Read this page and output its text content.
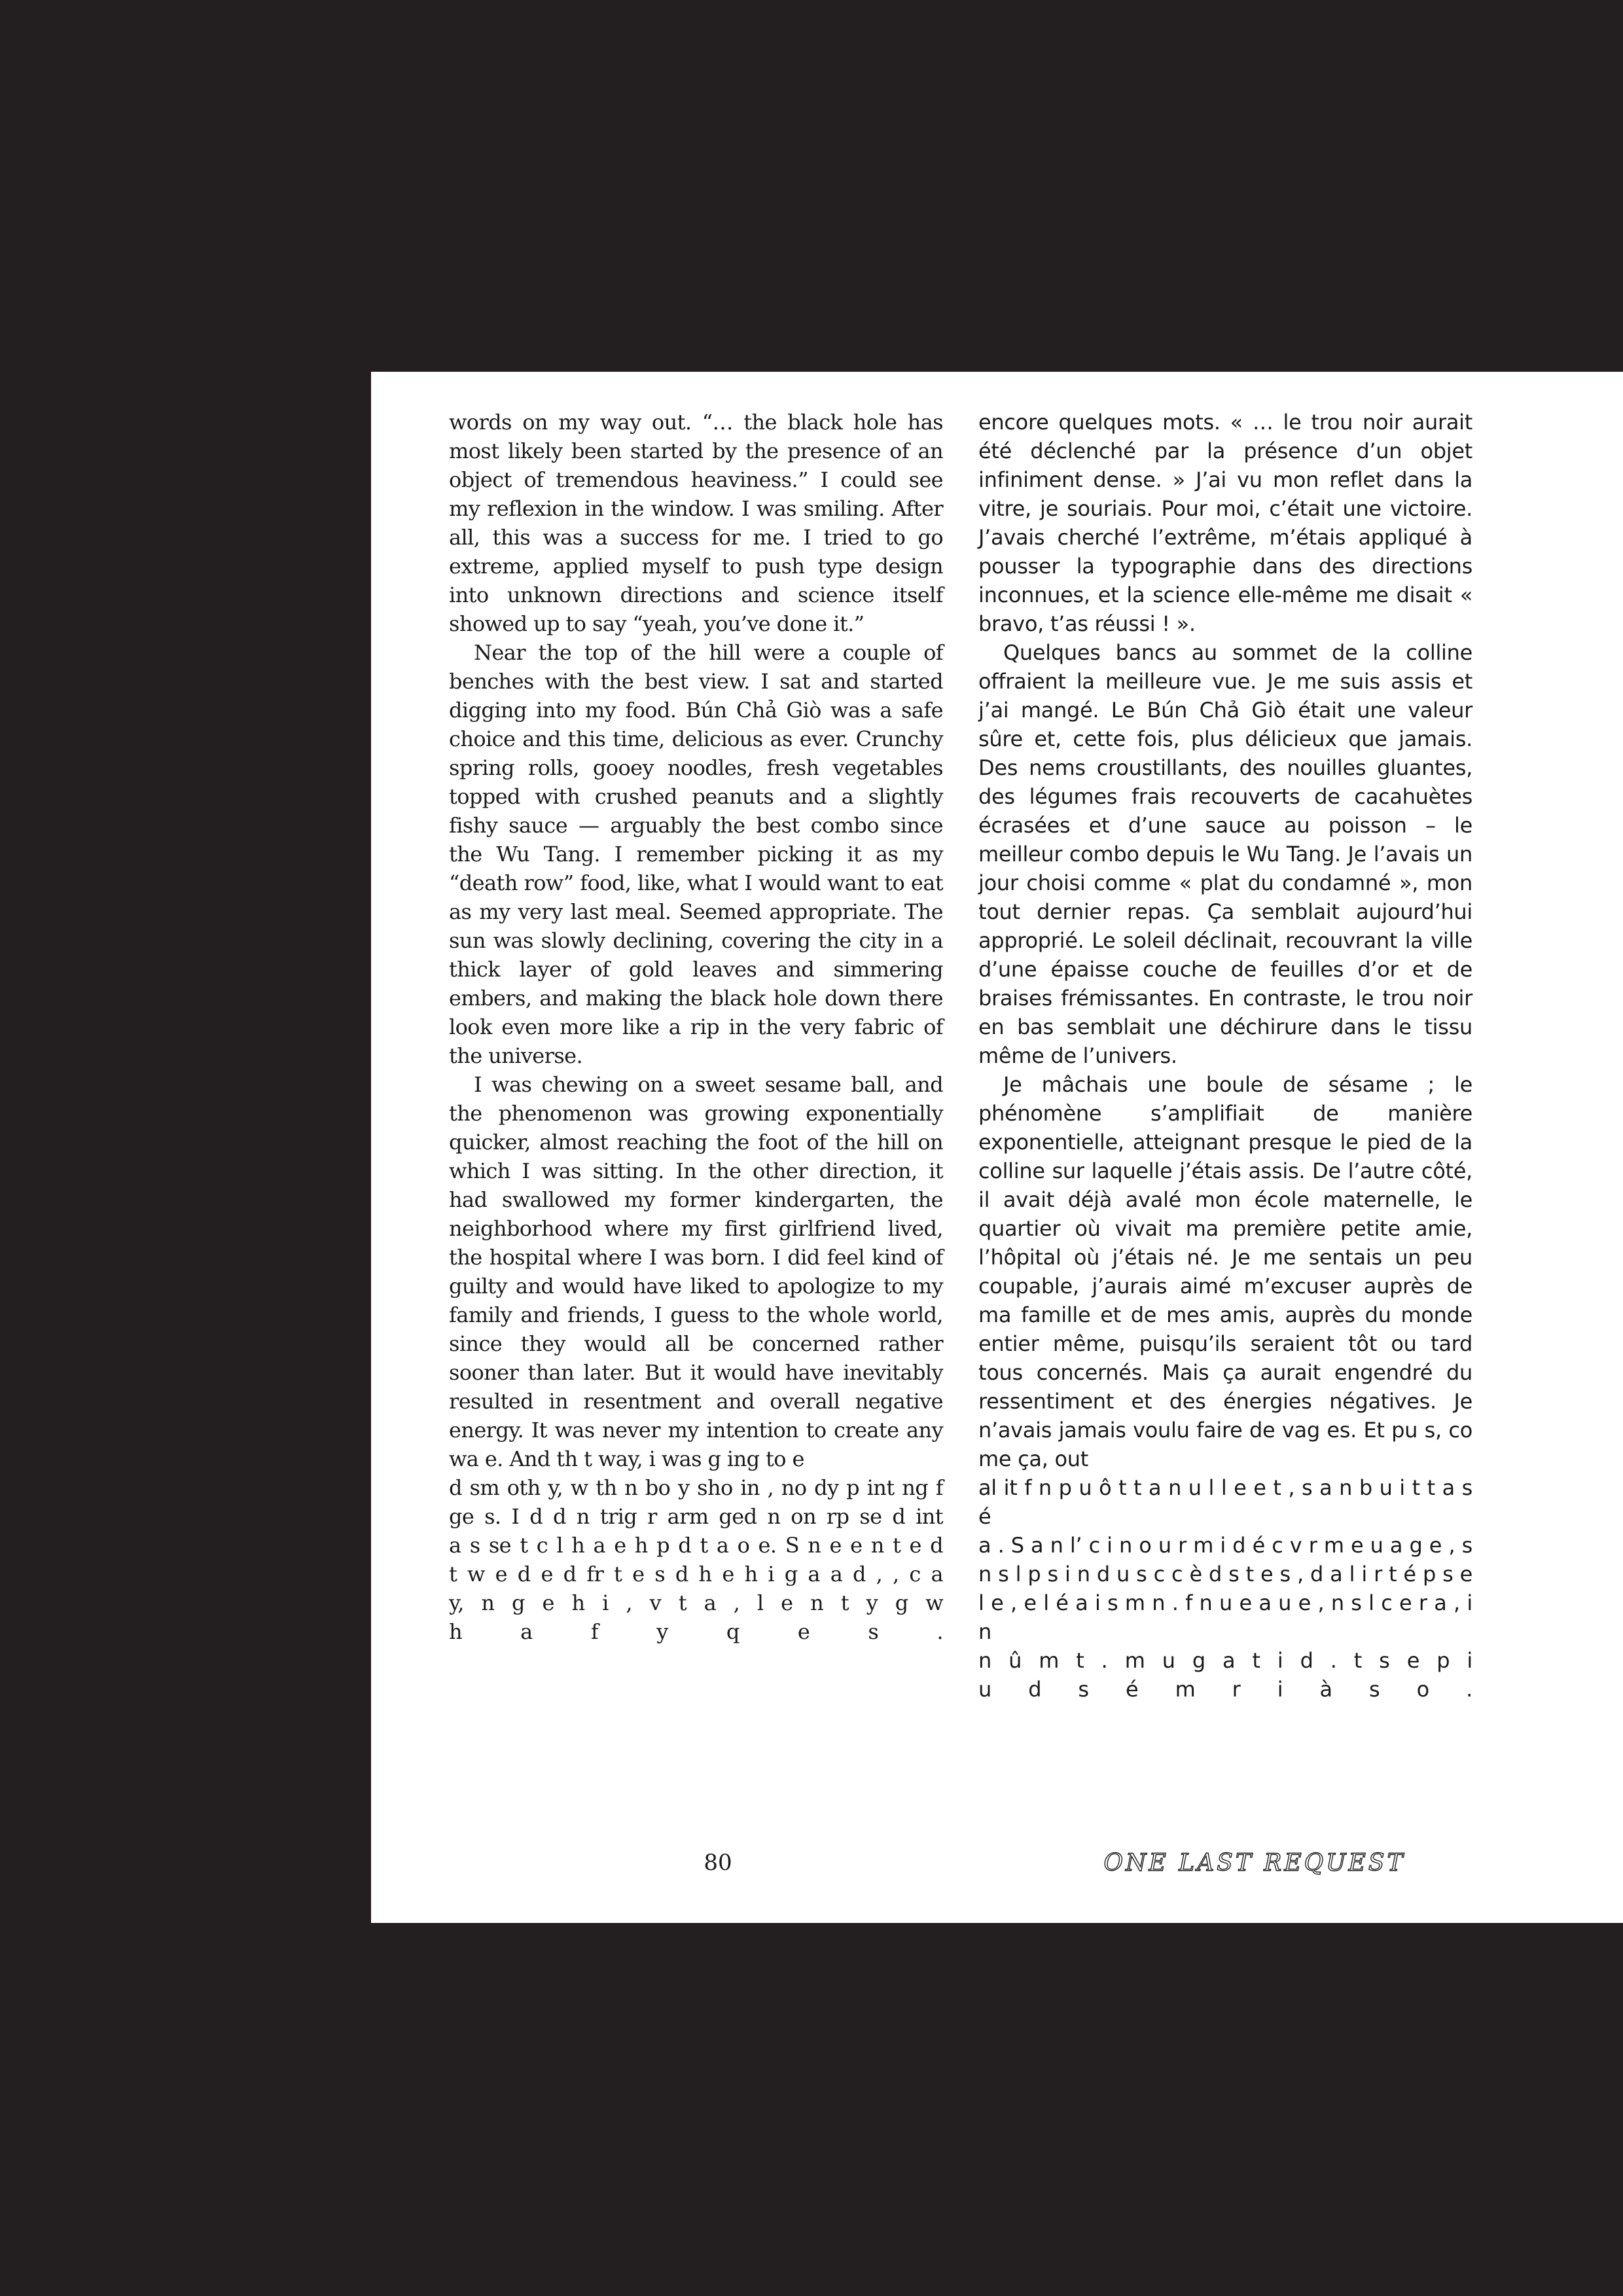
words on my way out. “… the black hole has most likely been started by the presence of an object of tremendous heaviness.” I could see my reflexion in the window. I was smiling. After all, this was a success for me. I tried to go extreme, applied myself to push type design into unknown directions and science itself showed up to say “yeah, you’ve done it.”

Near the top of the hill were a couple of benches with the best view. I sat and started digging into my food. Bún Chả Giò was a safe choice and this time, delicious as ever. Crunchy spring rolls, gooey noodles, fresh vegetables topped with crushed peanuts and a slightly fishy sauce — arguably the best combo since the Wu Tang. I remember picking it as my “death row” food, like, what I would want to eat as my very last meal. Seemed appropriate. The sun was slowly declining, covering the city in a thick layer of gold leaves and simmering embers, and making the black hole down there look even more like a rip in the very fabric of the universe.

I was chewing on a sweet sesame ball, and the phenomenon was growing exponentially quicker, almost reaching the foot of the hill on which I was sitting. In the other direction, it had swallowed my former kindergarten, the neighborhood where my first girlfriend lived, the hospital where I was born. I did feel kind of guilty and would have liked to apologize to my family and friends, I guess to the whole world, since they would all be concerned rather sooner than later. But it would have inevitably resulted in resentment and overall negative energy. It was never my intention to create any wa e. And th t way, i was g ing to e

d sm oth y, w th n bo y sho in , no dy p int ng f

ge s. I d d n trig r arm ged n on rp se d int

a s se t c l h a e h p d t a o e. S n e e n t e d

t w e d e d fr t e s d h e h i g a a d , , c a

y, n g e h i , v t a , l e n t y g w

h a f y q e s .

encore quelques mots. « … le trou noir aurait été déclenché par la présence d’un objet infiniment dense. » J’ai vu mon reflet dans la vitre, je souriais. Pour moi, c’était une victoire. J’avais cherché l’extrême, m’étais appliqué à pousser la typographie dans des directions inconnues, et la science elle-même me disait « bravo, t’as réussi ! ».

Quelques bancs au sommet de la colline offraient la meilleure vue. Je me suis assis et j’ai mangé. Le Bún Chả Giò était une valeur sûre et, cette fois, plus délicieux que jamais. Des nems croustillants, des nouilles gluantes, des légumes frais recouverts de cacahuètes écrasées et d’une sauce au poisson – le meilleur combo depuis le Wu Tang. Je l’avais un jour choisi comme « plat du condamné », mon tout dernier repas. Ça semblait aujourd’hui approprié. Le soleil déclinait, recouvrant la ville d’une épaisse couche de feuilles d’or et de braises frémissantes. En contraste, le trou noir en bas semblait une déchirure dans le tissu même de l’univers.

Je mâchais une boule de sésame ; le phénomène s’amplifiait de manière exponentielle, atteignant presque le pied de la colline sur laquelle j’étais assis. De l’autre côté, il avait déjà avalé mon école maternelle, le quartier où vivait ma première petite amie, l’hôpital où j’étais né. Je me sentais un peu coupable, j’aurais aimé m’excuser auprès de ma famille et de mes amis, auprès du monde entier même, puisqu’ils seraient tôt ou tard tous concernés. Mais ça aurait engendré du ressentiment et des énergies négatives. Je n’avais jamais voulu faire de vag es. Et pu s, co me ça, out

al it f n p u ô t t a n u l l e e t , s a n b u i t t a s é

a . S a n l’ c i n o u r m i d é c v r m e u a g e , s

n s l p s i n d u s c c è d s t e s , d a l i r t é p s e

l e , e l é a i s m n . f n u e a u e , n s l c e r a , i n

n û m t . m u g a t i d . t s e p i

u d s é m r i à s o .

80	ONE LAST REQUEST
